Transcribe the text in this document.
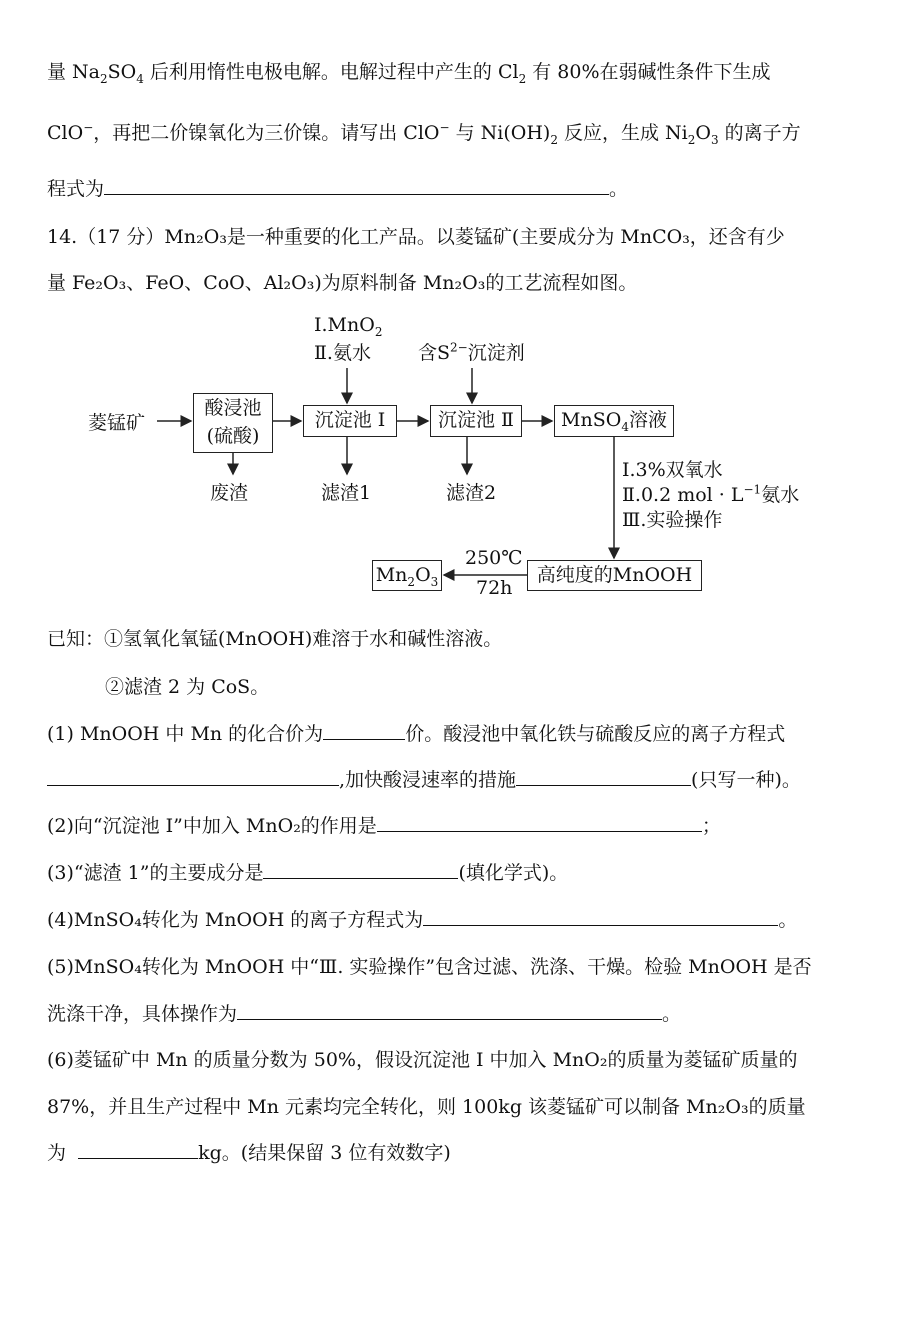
量 $Na_2SO_4$ 后利用惰性电极电解。电解过程中产生的 $Cl_2$ 有 80%在弱碱性条件下生成
ClO−，再把二价镍氧化为三价镍。请写出 ClO− 与 $Ni(OH)_2$ 反应，生成 $Ni_2O_3$ 的离子方
程式为	。
14.（17 分）Mn₂O₃是一种重要的化工产品。以菱锰矿(主要成分为 MnCO₃，还含有少
量 Fe₂O₃、FeO、CoO、Al₂O₃)为原料制备 Mn₂O₃的工艺流程如图。
菱锰矿
酸浸池
(硫酸)
沉淀池 Ⅰ	沉淀池 Ⅱ	MnSO$_4$溶液
高纯度的MnOOH
$Mn_2O_3$
Ⅰ.MnO$_2$
Ⅱ.氨水 含$S^{2-}$沉淀剂
废渣	滤渣1	滤渣2
Ⅰ.3%双氧水
Ⅱ.0.2 mol · $L^{-1}$氨水
Ⅲ.实验操作
250℃
72h
已知：①氢氧化氧锰(MnOOH)难溶于水和碱性溶液。
②滤渣 2 为 CoS。
(1) MnOOH 中 Mn 的化合价为	价。酸浸池中氧化铁与硫酸反应的离子方程式
,加快酸浸速率的措施	(只写一种)。
(2)向“沉淀池 I”中加入 MnO₂的作用是	；
(3)“滤渣 1”的主要成分是	(填化学式)。
(4)MnSO₄转化为 MnOOH 的离子方程式为	。
(5)MnSO₄转化为 MnOOH 中“Ⅲ. 实验操作”包含过滤、洗涤、干燥。检验 MnOOH 是否
洗涤干净，具体操作为	。
(6)菱锰矿中 Mn 的质量分数为 50%，假设沉淀池 I 中加入 MnO₂的质量为菱锰矿质量的
87%，并且生产过程中 Mn 元素均完全转化，则 100kg 该菱锰矿可以制备 Mn₂O₃的质量
为	kg。(结果保留 3 位有效数字)
